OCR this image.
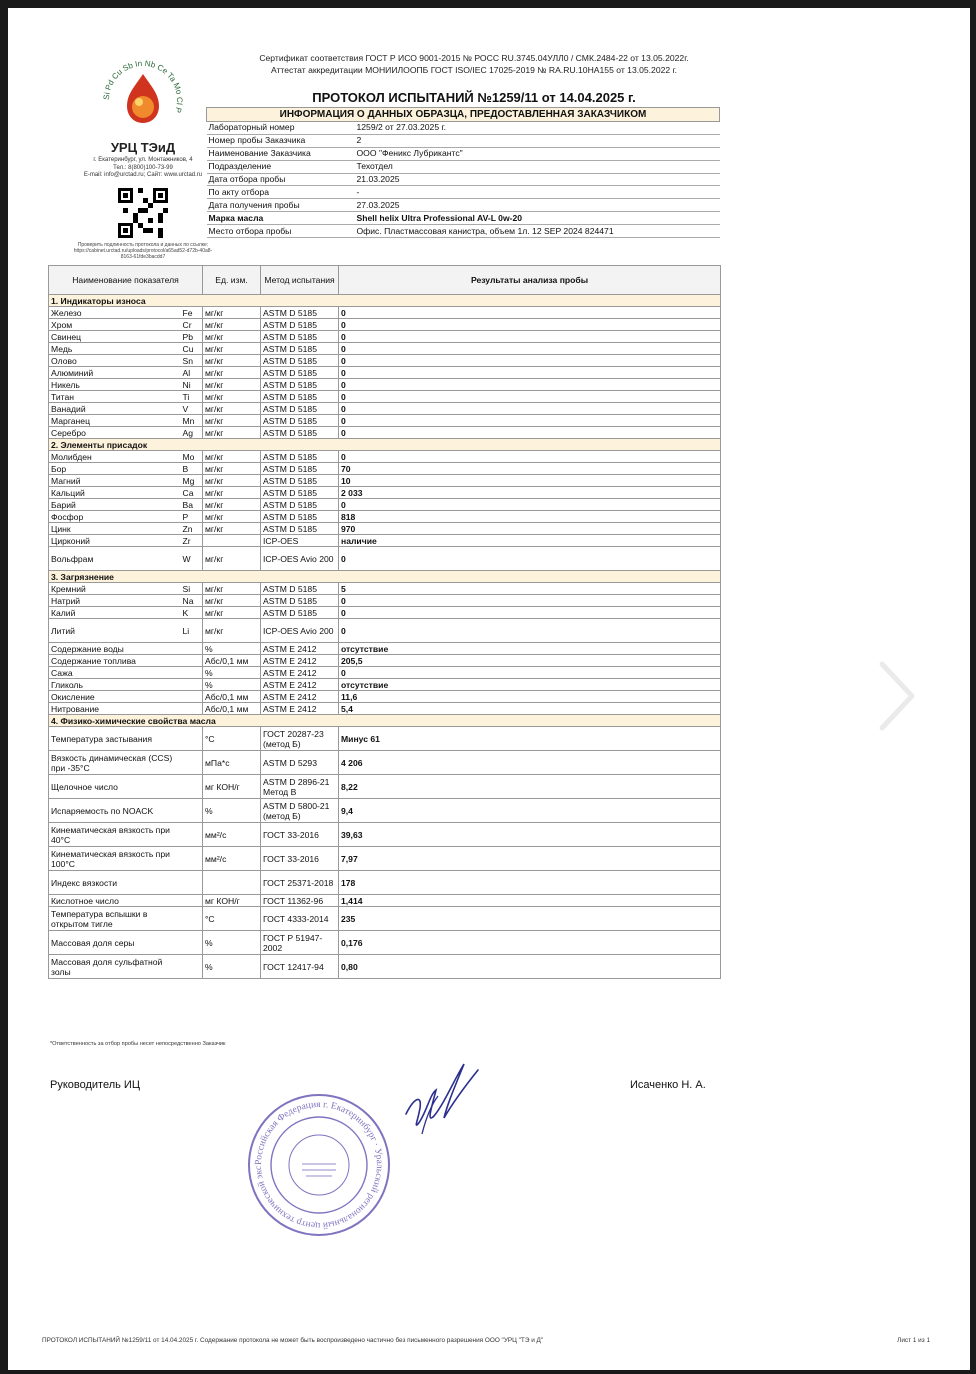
Si Pd Cu Sb In Nb Ce Ta Mo Cl P
УРЦ ТЭиД
г. Екатеринбург, ул. Монтажников, 4
Тел.: 8(800)100-73-99
E-mail: info@urctad.ru; Сайт: www.urctad.ru
Проверить подлинность протокола и данных по ссылке: https://cabinet.urctad.ru/uploads/protocol/a65ad52-d72b-40a8-8163-61fde3bacdd7
Сертификат соответствия ГОСТ Р ИСО 9001-2015 № РОСС RU.3745.04УЛЛ0 / СМК.2484-22 от 13.05.2022г.
Аттестат аккредитации МОНИИЛООПБ ГОСТ ISO/IEC 17025-2019 № RA.RU.10НА155 от 13.05.2022 г.
ПРОТОКОЛ ИСПЫТАНИЙ №1259/11 от 14.04.2025 г.
ИНФОРМАЦИЯ О ДАННЫХ ОБРАЗЦА, ПРЕДОСТАВЛЕННАЯ ЗАКАЗЧИКОМ	
Лабораторный номер	1259/2 от 27.03.2025 г.
Номер пробы Заказчика	2
Наименование Заказчика	ООО "Феникс Лубрикантс"
Подразделение	Техотдел
Дата отбора пробы	21.03.2025
По акту отбора	-
Дата получения пробы	27.03.2025
Марка масла	Shell helix Ultra Professional AV-L 0w-20
Место отбора пробы	Офис. Пластмассовая канистра, объем 1л. 12 SEP 2024 824471
Наименование показателя		Ед. изм.	Метод испытания	Результаты анализа пробы
1. Индикаторы износа				
Железо	Fe	мг/кг	ASTM D 5185	0
Хром	Cr	мг/кг	ASTM D 5185	0
Свинец	Pb	мг/кг	ASTM D 5185	0
Медь	Cu	мг/кг	ASTM D 5185	0
Олово	Sn	мг/кг	ASTM D 5185	0
Алюминий	Al	мг/кг	ASTM D 5185	0
Никель	Ni	мг/кг	ASTM D 5185	0
Титан	Ti	мг/кг	ASTM D 5185	0
Ванадий	V	мг/кг	ASTM D 5185	0
Марганец	Mn	мг/кг	ASTM D 5185	0
Серебро	Ag	мг/кг	ASTM D 5185	0
2. Элементы присадок				
Молибден	Mo	мг/кг	ASTM D 5185	0
Бор	B	мг/кг	ASTM D 5185	70
Магний	Mg	мг/кг	ASTM D 5185	10
Кальций	Ca	мг/кг	ASTM D 5185	2 033
Барий	Ba	мг/кг	ASTM D 5185	0
Фосфор	P	мг/кг	ASTM D 5185	818
Цинк	Zn	мг/кг	ASTM D 5185	970
Цирконий	Zr		ICP-OES	наличие
Вольфрам	W	мг/кг	ICP-OES Avio 200	0
3. Загрязнение				
Кремний	Si	мг/кг	ASTM D 5185	5
Натрий	Na	мг/кг	ASTM D 5185	0
Калий	K	мг/кг	ASTM D 5185	0
Литий	Li	мг/кг	ICP-OES Avio 200	0
Содержание воды		%	ASTM E 2412	отсутствие
Содержание топлива		Абс/0,1 мм	ASTM E 2412	205,5
Сажа		%	ASTM E 2412	0
Гликоль		%	ASTM E 2412	отсутствие
Окисление		Абс/0,1 мм	ASTM E 2412	11,6
Нитрование		Абс/0,1 мм	ASTM E 2412	5,4
4. Физико-химические свойства масла				
Температура застывания		°С	ГОСТ 20287-23 (метод Б)	Минус 61
Вязкость динамическая (CCS) при -35°С		мПа*с	ASTM D 5293	4 206
Щелочное число		мг КОН/г	ASTM D 2896-21 Метод В	8,22
Испаряемость по NOACK		%	ASTM D 5800-21 (метод Б)	9,4
Кинематическая вязкость при 40°С		мм²/с	ГОСТ 33-2016	39,63
Кинематическая вязкость при 100°С		мм²/с	ГОСТ 33-2016	7,97
Индекс вязкости			ГОСТ 25371-2018	178
Кислотное число		мг КОН/г	ГОСТ 11362-96	1,414
Температура вспышки в открытом тигле		°С	ГОСТ 4333-2014	235
Массовая доля серы		%	ГОСТ Р 51947-2002	0,176
Массовая доля сульфатной золы		%	ГОСТ 12417-94	0,80
*Ответственность за отбор пробы несет непосредственно Заказчик
Руководитель ИЦ	Исаченко Н. А.
Российская Федерация г. Екатеринбург · Уральский региональный центр технической экс
ПРОТОКОЛ ИСПЫТАНИЙ №1259/11 от 14.04.2025 г. Содержание протокола не может быть воспроизведено частично без письменного разрешения ООО "УРЦ "ТЭ и Д"	Лист 1 из 1
